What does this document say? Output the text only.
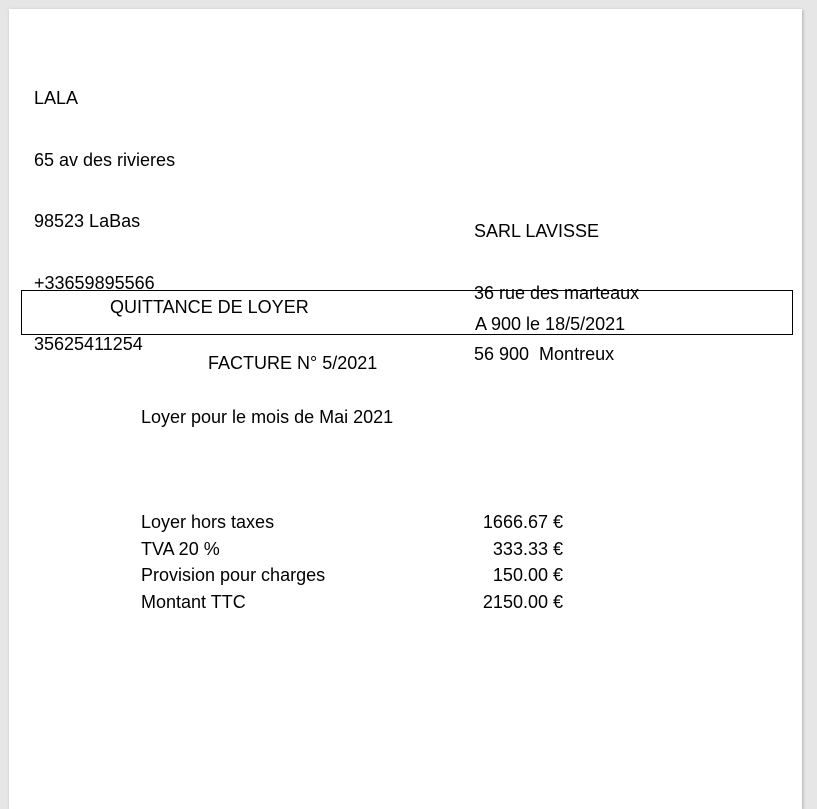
LALA

65 av des rivieres

98523 LaBas

+33659895566

35625411254

SARL LAVISSE

36 rue des marteaux

56 900  Montreux

QUITTANCE DE LOYER
A 900 le 18/5/2021
FACTURE N° 5/2021
Loyer pour le mois de Mai 2021
Loyer hors taxes	1666.67 €
TVA 20 %	333.33 €
Provision pour charges	150.00 €
Montant TTC	2150.00 €
